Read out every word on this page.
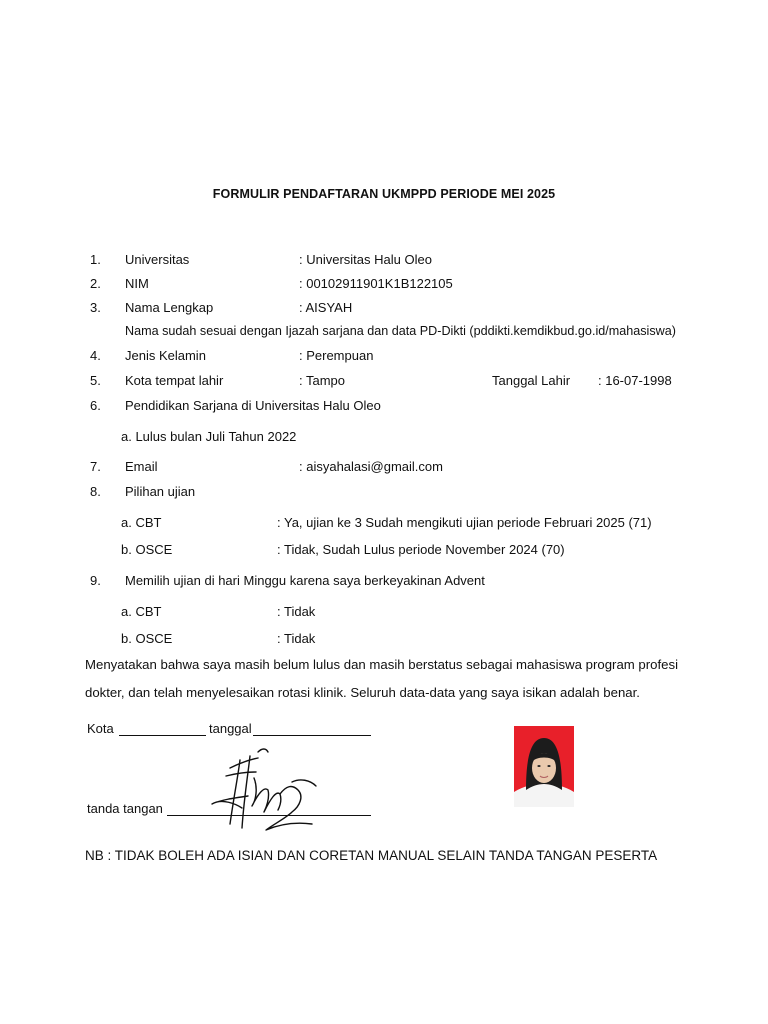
FORMULIR PENDAFTARAN UKMPPD PERIODE MEI 2025
1.	Universitas	: Universitas Halu Oleo
2.	NIM	: 00102911901K1B122105
3.	Nama Lengkap	: AISYAH
Nama sudah sesuai dengan Ijazah sarjana dan data PD-Dikti (pddikti.kemdikbud.go.id/mahasiswa)
4.	Jenis Kelamin	: Perempuan
5.	Kota tempat lahir	: Tampo	Tanggal Lahir : 16-07-1998
6.	Pendidikan Sarjana di Universitas Halu Oleo
a. Lulus bulan Juli Tahun 2022
7.	Email	: aisyahalasi@gmail.com
8.	Pilihan ujian
a. CBT	: Ya, ujian ke 3 Sudah mengikuti ujian periode Februari 2025 (71)
b. OSCE	: Tidak, Sudah Lulus periode November 2024 (70)
9.	Memilih ujian di hari Minggu karena saya berkeyakinan Advent
a. CBT	: Tidak
b. OSCE	: Tidak
Menyatakan bahwa saya masih belum lulus dan masih berstatus sebagai mahasiswa program profesi
dokter, dan telah menyelesaikan rotasi klinik. Seluruh data-data yang saya isikan adalah benar.
Kota	tanggal
tanda tangan
NB : TIDAK BOLEH ADA ISIAN DAN CORETAN MANUAL SELAIN TANDA TANGAN PESERTA
